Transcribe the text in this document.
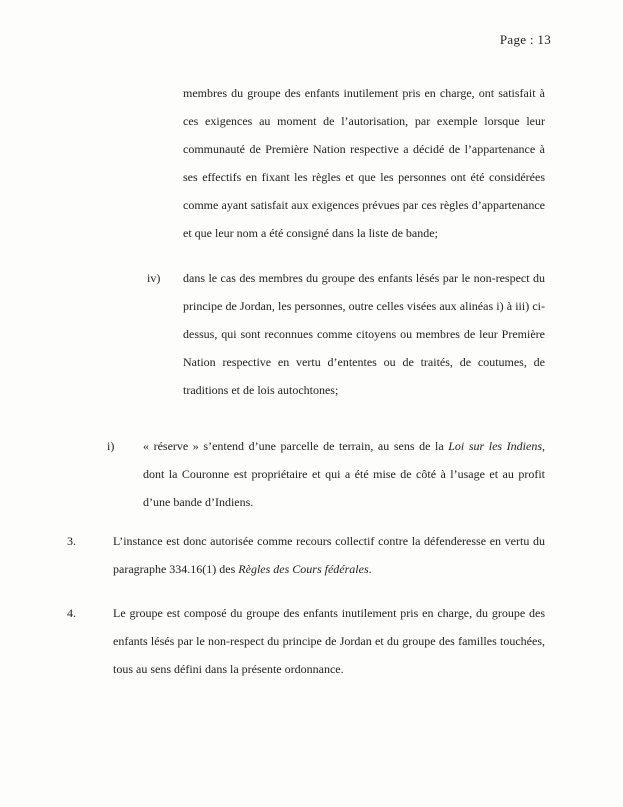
Page : 13
membres du groupe des enfants inutilement pris en charge, ont satisfait à ces exigences au moment de l’autorisation, par exemple lorsque leur communauté de Première Nation respective a décidé de l’appartenance à ses effectifs en fixant les règles et que les personnes ont été considérées comme ayant satisfait aux exigences prévues par ces règles d’appartenance et que leur nom a été consigné dans la liste de bande;
iv) dans le cas des membres du groupe des enfants lésés par le non-respect du principe de Jordan, les personnes, outre celles visées aux alinéas i) à iii) ci-dessus, qui sont reconnues comme citoyens ou membres de leur Première Nation respective en vertu d’ententes ou de traités, de coutumes, de traditions et de lois autochtones;
i) « réserve » s’entend d’une parcelle de terrain, au sens de la Loi sur les Indiens, dont la Couronne est propriétaire et qui a été mise de côté à l’usage et au profit d’une bande d’Indiens.
3.	L’instance est donc autorisée comme recours collectif contre la défenderesse en vertu du paragraphe 334.16(1) des Règles des Cours fédérales.
4.	Le groupe est composé du groupe des enfants inutilement pris en charge, du groupe des enfants lésés par le non-respect du principe de Jordan et du groupe des familles touchées, tous au sens défini dans la présente ordonnance.
